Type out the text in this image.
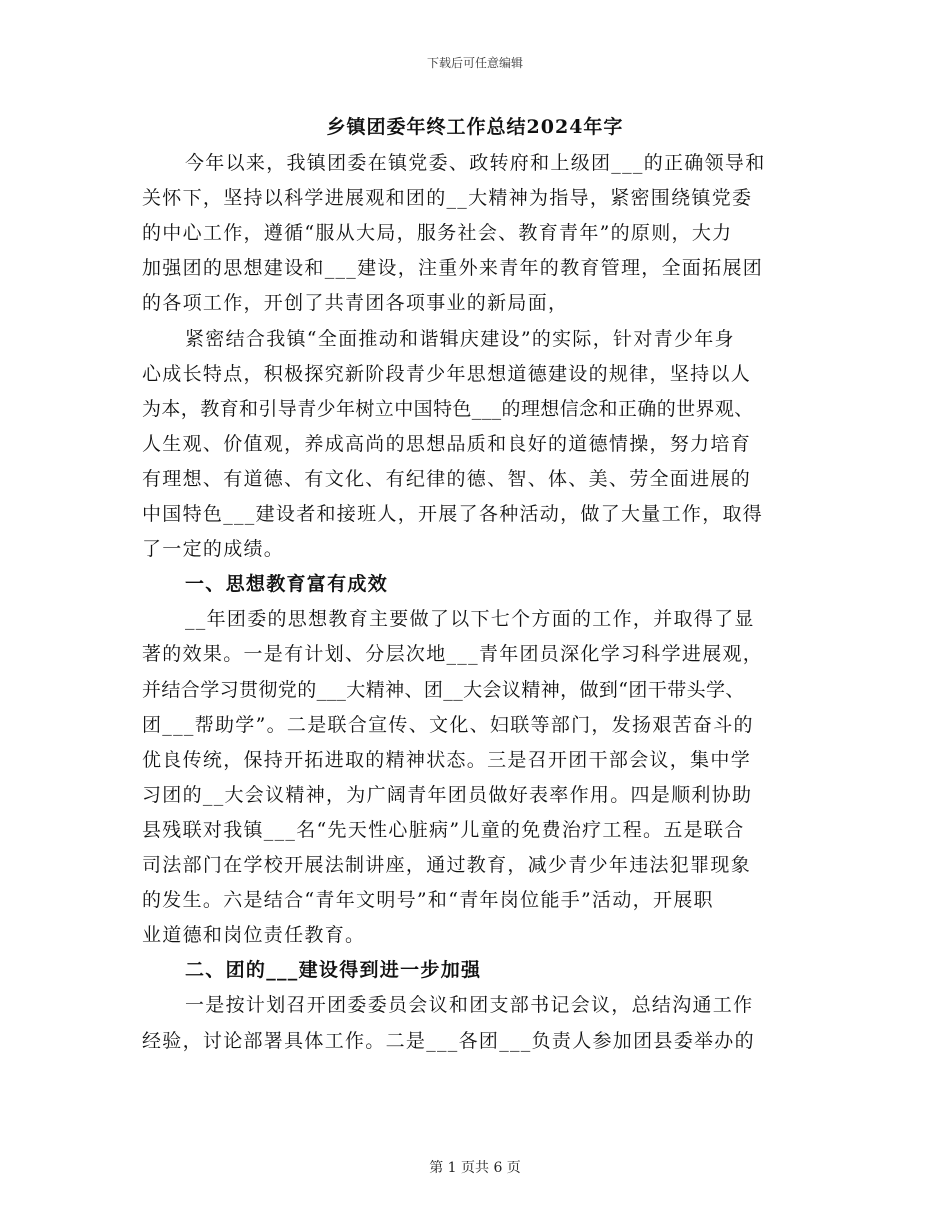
下载后可任意编辑
乡镇团委年终工作总结2024年字
今年以来，我镇团委在镇党委、政转府和上级团___的正确领导和
关怀下，坚持以科学进展观和团的__大精神为指导，紧密围绕镇党委
的中心工作，遵循“服从大局，服务社会、教育青年”的原则，大力
加强团的思想建设和___建设，注重外来青年的教育管理，全面拓展团
的各项工作，开创了共青团各项事业的新局面，
紧密结合我镇“全面推动和谐辑庆建设”的实际，针对青少年身
心成长特点，积极探究新阶段青少年思想道德建设的规律，坚持以人
为本，教育和引导青少年树立中国特色___的理想信念和正确的世界观、
人生观、价值观，养成高尚的思想品质和良好的道德情操，努力培育
有理想、有道德、有文化、有纪律的德、智、体、美、劳全面进展的
中国特色___建设者和接班人，开展了各种活动，做了大量工作，取得
了一定的成绩。
一、思想教育富有成效
__年团委的思想教育主要做了以下七个方面的工作，并取得了显
著的效果。一是有计划、分层次地___青年团员深化学习科学进展观，
并结合学习贯彻党的___大精神、团__大会议精神，做到“团干带头学、
团___帮助学”。二是联合宣传、文化、妇联等部门，发扬艰苦奋斗的
优良传统，保持开拓进取的精神状态。三是召开团干部会议，集中学
习团的__大会议精神，为广阔青年团员做好表率作用。四是顺利协助
县残联对我镇___名“先天性心脏病”儿童的免费治疗工程。五是联合
司法部门在学校开展法制讲座，通过教育，减少青少年违法犯罪现象
的发生。六是结合“青年文明号”和“青年岗位能手”活动，开展职
业道德和岗位责任教育。
二、团的___建设得到进一步加强
一是按计划召开团委委员会议和团支部书记会议，总结沟通工作
经验，讨论部署具体工作。二是___各团___负责人参加团县委举办的
第 1 页共 6 页
